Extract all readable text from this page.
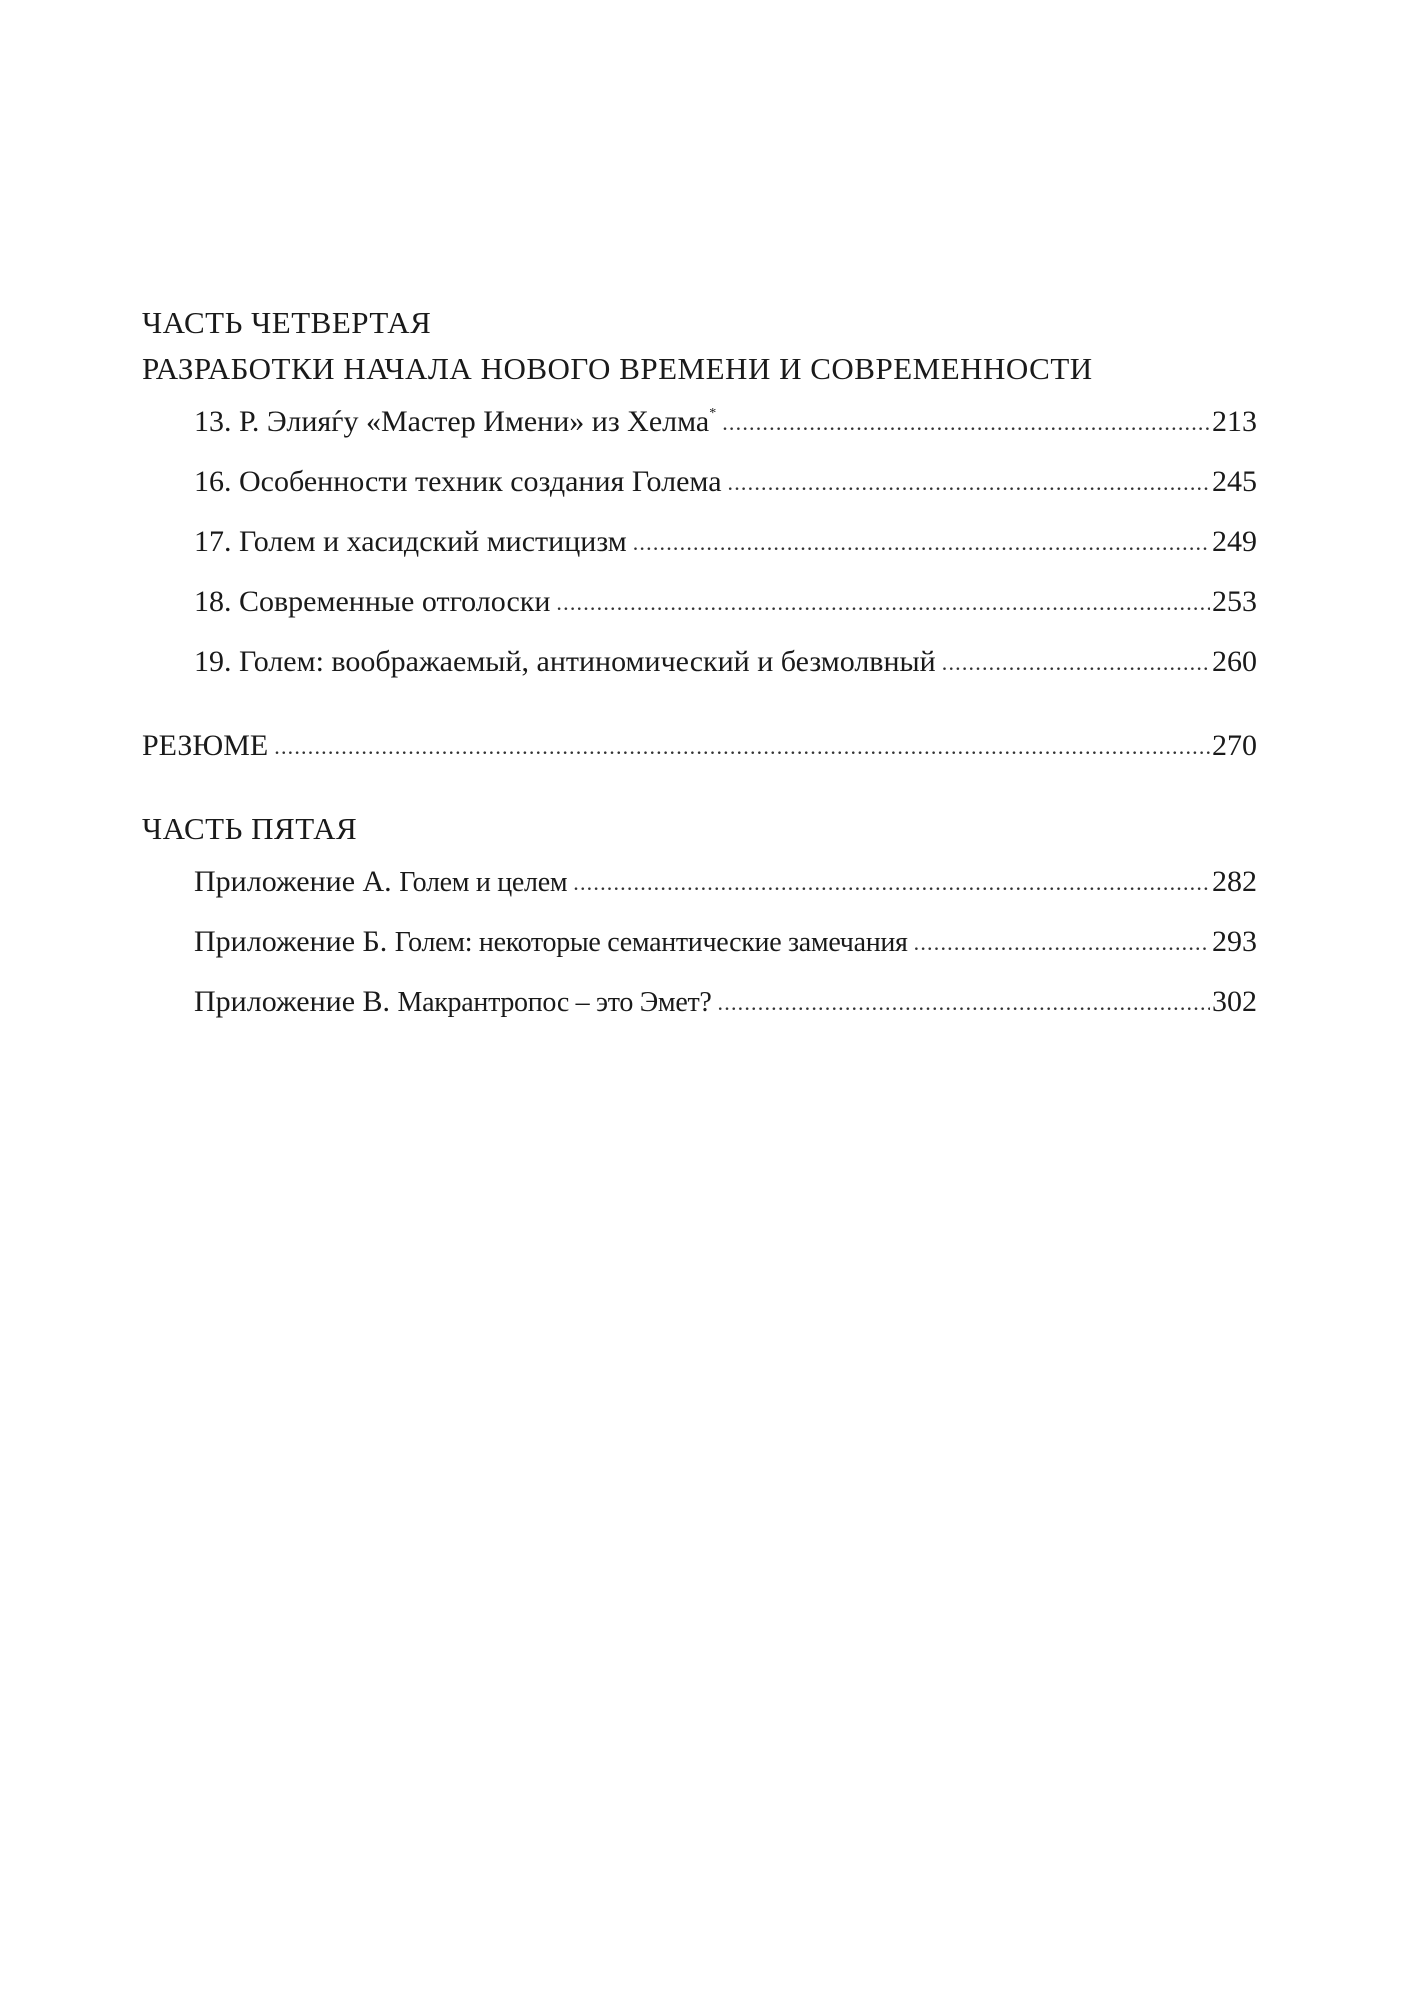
ЧАСТЬ ЧЕТВЕРТАЯ
РАЗРАБОТКИ НАЧАЛА НОВОГО ВРЕМЕНИ И СОВРЕМЕННОСТИ
13. Р. Элияѓу «Мастер Имени» из Хелма* .....	213
16. Особенности техник создания Голема .....	245
17. Голем и хасидский мистицизм .....	249
18. Современные отголоски .....	253
19. Голем: воображаемый, антиномический и безмолвный .....	260
РЕЗЮМЕ .....	270
ЧАСТЬ ПЯТАЯ
Приложение А. Голем и целем .....	282
Приложение Б. Голем: некоторые семантические замечания .....	293
Приложение В. Макрантропос – это Эмет? .....	302
